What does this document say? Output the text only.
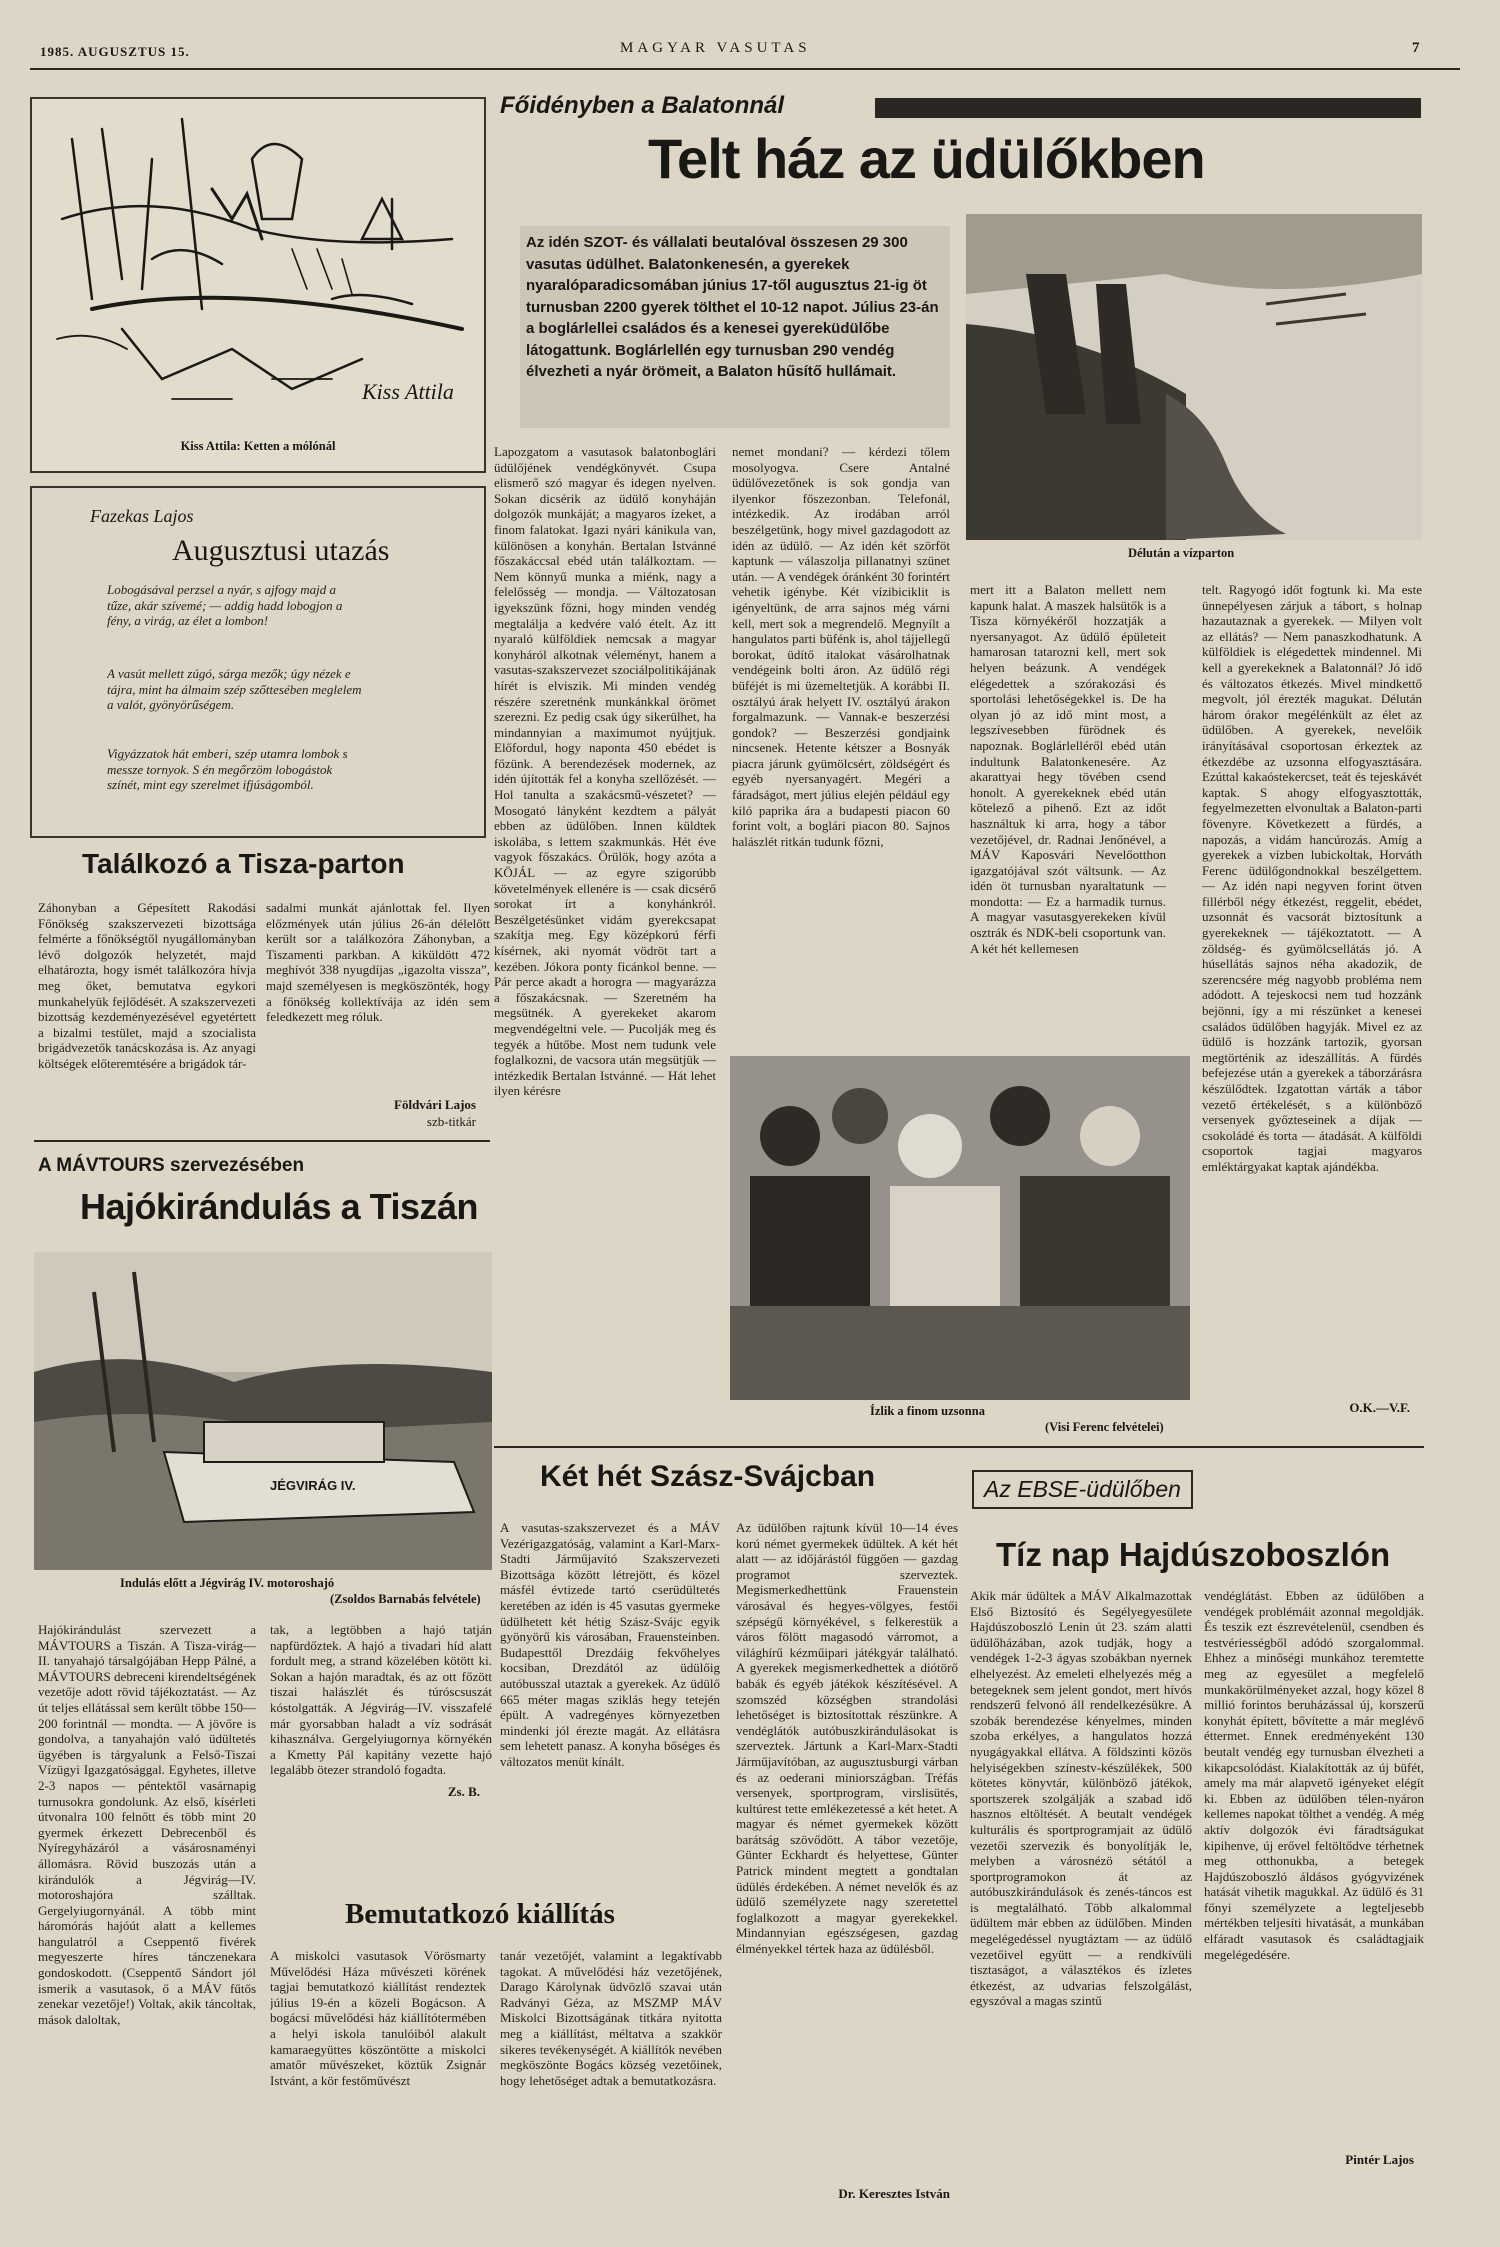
1985. AUGUSZTUS 15.	MAGYAR VASUTAS	7
Kiss Attila
Kiss Attila: Ketten a mólónál
Fazekas Lajos
Augusztusi utazás
Lobogásával perzsel a nyár, s ajfogy majd a tűze, akár szívemé; — addig hadd lobogjon a fény, a virág, az élet a lombon!
A vasút mellett zúgó, sárga mezők; úgy nézek e tájra, mint ha álmaim szép szőttesében meglelem a valót, gyönyörűségem.
Vigyázzatok hát emberi, szép utamra lombok s messze tornyok. S én megőrzöm lobogástok színét, mint egy szerelmet ifjúságomból.
Találkozó a Tisza-parton
Záhonyban a Gépesített Rakodási Főnökség szakszervezeti bizottsága felmérte a főnökségtől nyugállományban lévő dolgozók helyzetét, majd elhatározta, hogy ismét találkozóra hívja meg őket, bemutatva egykori munkahelyük fejlődését. A szakszervezeti bizottság kezdeményezésével egyetértett a bizalmi testület, majd a szocialista brigádvezetők tanácskozása is. Az anyagi költségek előteremtésére a brigádok tár-
sadalmi munkát ajánlottak fel. Ilyen előzmények után július 26-án délelőtt került sor a találkozóra Záhonyban, a Tiszamenti parkban. A kiküldött 472 meghívót 338 nyugdíjas „igazolta vissza”, majd személyesen is megköszönték, hogy a főnökség kollektívája az idén sem feledkezett meg róluk.
Földvári Lajos
szb-titkár
A MÁVTOURS szervezésében
Hajókirándulás a Tiszán
JÉGVIRÁG IV.
Indulás előtt a Jégvirág IV. motoroshajó
(Zsoldos Barnabás felvétele)
Hajókirándulást szervezett a MÁVTOURS a Tiszán. A Tisza-virág—II. tanyahajó társalgójában Hepp Pálné, a MÁVTOURS debreceni kirendeltségének vezetője adott rövid tájékoztatást. — Az út teljes ellátással sem került többe 150—200 forintnál — mondta. — A jövőre is gondolva, a tanyahajón való üdültetés ügyében is tárgyalunk a Felső-Tiszai Vízügyi Igazgatósággal. Egyhetes, illetve 2-3 napos — péntektől vasárnapig turnusokra gondolunk. Az első, kísérleti útvonalra 100 felnőtt és több mint 20 gyermek érkezett Debrecenből és Nyíregyházáról a vásárosnaményi állomásra. Rövid buszozás után a kirándulók a Jégvirág—IV. motoroshajóra szálltak. Gergelyiugornyánál. A több mint háromórás hajóút alatt a kellemes hangulatról a Cseppentő fivérek megyeszerte híres tánczenekara gondoskodott. (Cseppentő Sándort jól ismerik a vasutasok, ő a MÁV fűtős zenekar vezetője!) Voltak, akik táncoltak, mások daloltak,
tak, a legtöbben a hajó tatján napfürdőztek. A hajó a tivadari híd alatt fordult meg, a strand közelében kötött ki. Sokan a hajón maradtak, és az ott főzött tiszai halászlét és túróscsuszát kóstolgatták. A Jégvirág—IV. visszafelé már gyorsabban haladt a víz sodrását kihasználva. Gergelyiugornya környékén a Kmetty Pál kapitány vezette hajó legalább ötezer strandoló fogadta.
Zs. B.
Főidényben a Balatonnál
Telt ház az üdülőkben
Az idén SZOT- és vállalati beutalóval összesen 29 300 vasutas üdülhet. Balatonkenesén, a gyerekek nyaralóparadicsomában június 17-től augusztus 21-ig öt turnusban 2200 gyerek tölthet el 10-12 napot. Július 23-án a boglárlellei családos és a kenesei gyereküdülőbe látogattunk. Boglárlellén egy turnusban 290 vendég élvezheti a nyár örömeit, a Balaton hűsítő hullámait.
Délután a vízparton
Lapozgatom a vasutasok balatonboglári üdülőjének vendégkönyvét. Csupa elismerő szó magyar és idegen nyelven. Sokan dicsérik az üdülő konyháján dolgozók munkáját; a magyaros ízeket, a finom falatokat. Igazi nyári kánikula van, különösen a konyhán. Bertalan Istvánné főszakáccsal ebéd után találkoztam. — Nem könnyű munka a miénk, nagy a felelősség — mondja. — Változatosan igyekszünk főzni, hogy minden vendég megtalálja a kedvére való ételt. Az itt nyaraló külföldiek nemcsak a magyar konyháról alkotnak véleményt, hanem a vasutas-szakszervezet szociálpolitikájának hírét is elviszik. Mi minden vendég részére szeretnénk munkánkkal örömet szerezni. Ez pedig csak úgy sikerülhet, ha mindannyian a maximumot nyújtjuk. Előfordul, hogy naponta 450 ebédet is főzünk. A berendezések modernek, az idén újították fel a konyha szellőzését. — Hol tanulta a szakácsmű-vészetet? — Mosogató lányként kezdtem a pályát ebben az üdülőben. Innen küldtek iskolába, s lettem szakmunkás. Hét éve vagyok főszakács. Örülök, hogy azóta a KÖJÁL — az egyre szigorúbb követelmények ellenére is — csak dicsérő sorokat írt a konyhánkról. Beszélgetésünket vidám gyerekcsapat szakítja meg. Egy középkorú férfi kísérnek, aki nyomát vödröt tart a kezében. Jókora ponty ficánkol benne. — Pár perce akadt a horogra — magyarázza a főszakácsnak. — Szeretném ha megsütnék. A gyerekeket akarom megvendégeltni vele. — Pucolják meg és tegyék a hűtőbe. Most nem tudunk vele foglalkozni, de vacsora után megsütjük — intézkedik Bertalan Istvánné. — Hát lehet ilyen kérésre
nemet mondani? — kérdezi tőlem mosolyogva. Csere Antalné üdülővezetőnek is sok gondja van ilyenkor főszezonban. Telefonál, intézkedik. Az irodában arról beszélgetünk, hogy mivel gazdagodott az idén az üdülő. — Az idén két szörföt kaptunk — válaszolja pillanatnyi szünet után. — A vendégek óránként 30 forintért vehetik igénybe. Két vízibiciklit is igényeltünk, de arra sajnos még várni kell, mert sok a megrendelő. Megnyílt a hangulatos parti büfénk is, ahol tájjellegű borokat, üdítő italokat vásárolhatnak vendégeink bolti áron. Az üdülő régi büféjét is mi üzemeltetjük. A korábbi II. osztályú árak helyett IV. osztályú árakon forgalmazunk. — Vannak-e beszerzési gondok? — Beszerzési gondjaink nincsenek. Hetente kétszer a Bosnyák piacra járunk gyümölcsért, zöldségért és egyéb nyersanyagért. Megéri a fáradságot, mert július elején például egy kiló paprika ára a budapesti piacon 60 forint volt, a boglári piacon 80. Sajnos halászlét ritkán tudunk főzni,
mert itt a Balaton mellett nem kapunk halat. A maszek halsütők is a Tisza környékéről hozzatják a nyersanyagot. Az üdülő épületeit hamarosan tatarozni kell, mert sok helyen beázunk. A vendégek elégedettek a szórakozási és sportolási lehetőségekkel is. De ha olyan jó az idő mint most, a legszívesebben fürödnek és napoznak. Boglárlelléről ebéd után indultunk Balatonkenesére. Az akarattyai hegy tövében csend honolt. A gyerekeknek ebéd után kötelező a pihenő. Ezt az időt használtuk ki arra, hogy a tábor vezetőjével, dr. Radnai Jenőnével, a MÁV Kaposvári Nevelőotthon igazgatójával szót váltsunk. — Az idén öt turnusban nyaraltatunk — mondotta: — Ez a harmadik turnus. A magyar vasutasgyerekeken kívül osztrák és NDK-beli csoportunk van. A két hét kellemesen
telt. Ragyogó időt fogtunk ki. Ma este ünnepélyesen zárjuk a tábort, s holnap hazautaznak a gyerekek. — Milyen volt az ellátás? — Nem panaszkodhatunk. A külföldiek is elégedettek mindennel. Mi kell a gyerekeknek a Balatonnál? Jó idő és változatos étkezés. Mivel mindkettő megvolt, jól érezték magukat. Délután három órakor megélénkült az élet az üdülőben. A gyerekek, nevelőik irányításával csoportosan érkeztek az étkezdébe az uzsonna elfogyasztására. Ezúttal kakaóstekercset, teát és tejeskávét kaptak. S ahogy elfogyasztották, fegyelmezetten elvonultak a Balaton-parti fövenyre. Következett a fürdés, a napozás, a vidám hancúrozás. Amíg a gyerekek a vízben lubickoltak, Horváth Ferenc üdülőgondnokkal beszélgettem. — Az idén napi negyven forint ötven fillérből négy étkezést, reggelit, ebédet, uzsonnát és vacsorát biztosítunk a gyerekeknek — tájékoztatott. — A zöldség- és gyümölcsellátás jó. A húsellátás sajnos néha akadozik, de szerencsére még nagyobb probléma nem adódott. A tejeskocsi nem tud hozzánk bejönni, így a mi részünket a kenesei családos üdülőben hagyják. Mivel ez az üdülő is hozzánk tartozik, gyorsan megtörténik az ideszállítás. A fürdés befejezése után a gyerekek a táborzárásra készülődtek. Izgatottan várták a tábor vezető értékelését, s a különböző versenyek győzteseinek a díjak — csokoládé és torta — átadását. A külföldi csoportok tagjai magyaros emléktárgyakat kaptak ajándékba.
Ízlik a finom uzsonna
(Visi Ferenc felvételei)
O.K.—V.F.
Két hét Szász-Svájcban
A vasutas-szakszervezet és a MÁV Vezérigazgatóság, valamint a Karl-Marx-Stadti Járműjavító Szakszervezeti Bizottsága között létrejött, és közel másfél évtizede tartó cserüdültetés keretében az idén is 45 vasutas gyermeke üdülhetett két hétig Szász-Svájc egyik gyönyörű kis városában, Frauensteinben. Budapesttől Drezdáig fekvőhelyes kocsiban, Drezdától az üdülőig autóbusszal utaztak a gyerekek. Az üdülő 665 méter magas sziklás hegy tetején épült. A vadregényes környezetben mindenki jól érezte magát. Az ellátásra sem lehetett panasz. A konyha bőséges és változatos menüt kínált.
Az üdülőben rajtunk kívül 10—14 éves korú német gyermekek üdültek. A két hét alatt — az időjárástól függően — gazdag programot szerveztek. Megismerkedhettünk Frauenstein városával és hegyes-völgyes, festői szépségű környékével, s felkerestük a város fölött magasodó várromot, a világhírű kézműipari játékgyár található. A gyerekek megismerkedhettek a diótörő babák és egyéb játékok készítésével. A szomszéd községben strandolási lehetőséget is biztosítottak részünkre. A vendéglátók autóbuszkirándulásokat is szerveztek. Jártunk a Karl-Marx-Stadti Járműjavítóban, az augusztusburgi várban és az oederani miniországban. Tréfás versenyek, sportprogram, virslisütés, kultúrest tette emlékezetessé a két hetet. A magyar és német gyermekek között barátság szövődött. A tábor vezetője, Günter Eckhardt és helyettese, Günter Patrick mindent megtett a gondtalan üdülés érdekében. A német nevelők és az üdülő személyzete nagy szeretettel foglalkozott a magyar gyerekekkel. Mindannyian egészségesen, gazdag élményekkel tértek haza az üdülésből.
Dr. Keresztes István
Bemutatkozó kiállítás
A miskolci vasutasok Vörösmarty Művelődési Háza művészeti körének tagjai bemutatkozó kiállítást rendeztek július 19-én a közeli Bogácson. A bogácsi művelődési ház kiállítótermében a helyi iskola tanulóiból alakult kamaraegyüttes köszöntötte a miskolci amatőr művészeket, köztük Zsignár Istvánt, a kör festőművészt
tanár vezetőjét, valamint a legaktívabb tagokat. A művelődési ház vezetőjének, Darago Károlynak üdvözlő szavai után Radványi Géza, az MSZMP MÁV Miskolci Bizottságának titkára nyitotta meg a kiállítást, méltatva a szakkör sikeres tevékenységét. A kiállítók nevében megköszönte Bogács község vezetőinek, hogy lehetőséget adtak a bemutatkozásra.
Az EBSE-üdülőben
Tíz nap Hajdúszoboszlón
Akik már üdültek a MÁV Alkalmazottak Első Biztosító és Segélyegyesülete Hajdúszoboszló Lenin út 23. szám alatti üdülőházában, azok tudják, hogy a vendégek 1-2-3 ágyas szobákban nyernek elhelyezést. Az emeleti elhelyezés még a betegeknek sem jelent gondot, mert hívós rendszerű felvonó áll rendelkezésükre. A szobák berendezése kényelmes, minden szoba erkélyes, a hangulatos hozzá nyugágyakkal ellátva. A földszinti közös helyiségekben színestv-készülékek, 500 kötetes könyvtár, különböző játékok, sportszerek szolgálják a szabad idő hasznos eltöltését. A beutalt vendégek kulturális és sportprogramjait az üdülő vezetői szervezik és bonyolítják le, melyben a városnézö sétától a sportprogramokon át az autóbuszkirándulások és zenés-táncos est is megtalálható. Több alkalommal üdültem már ebben az üdülőben. Minden megelégedéssel nyugtáztam — az üdülő vezetőivel együtt — a rendkívüli tisztaságot, a választékos és ízletes étkezést, az udvarias felszolgálást, egyszóval a magas szintű
vendéglátást. Ebben az üdülőben a vendégek problémáit azonnal megoldják. És teszik ezt észrevételenül, csendben és testvériességből adódó szorgalommal. Ehhez a minőségi munkához teremtette meg az egyesület a megfelelő munkakörülményeket azzal, hogy közel 8 millió forintos beruházással új, korszerű konyhát épített, bővítette a már meglévő éttermet. Ennek eredményeként 130 beutalt vendég egy turnusban élvezheti a kikapcsolódást. Kialakították az új büfét, amely ma már alapvető igényeket elégít ki. Ebben az üdülőben télen-nyáron kellemes napokat tölthet a vendég. A még aktív dolgozók évi fáradtságukat kipihenve, új erővel feltöltődve térhetnek meg otthonukba, a betegek Hajdúszoboszló áldásos gyógyvizének hatását vihetik magukkal. Az üdülő és 31 főnyi személyzete a legteljesebb mértékben teljesíti hivatását, a munkában elfáradt vasutasok és családtagjaik megelégedésére.
Pintér Lajos
